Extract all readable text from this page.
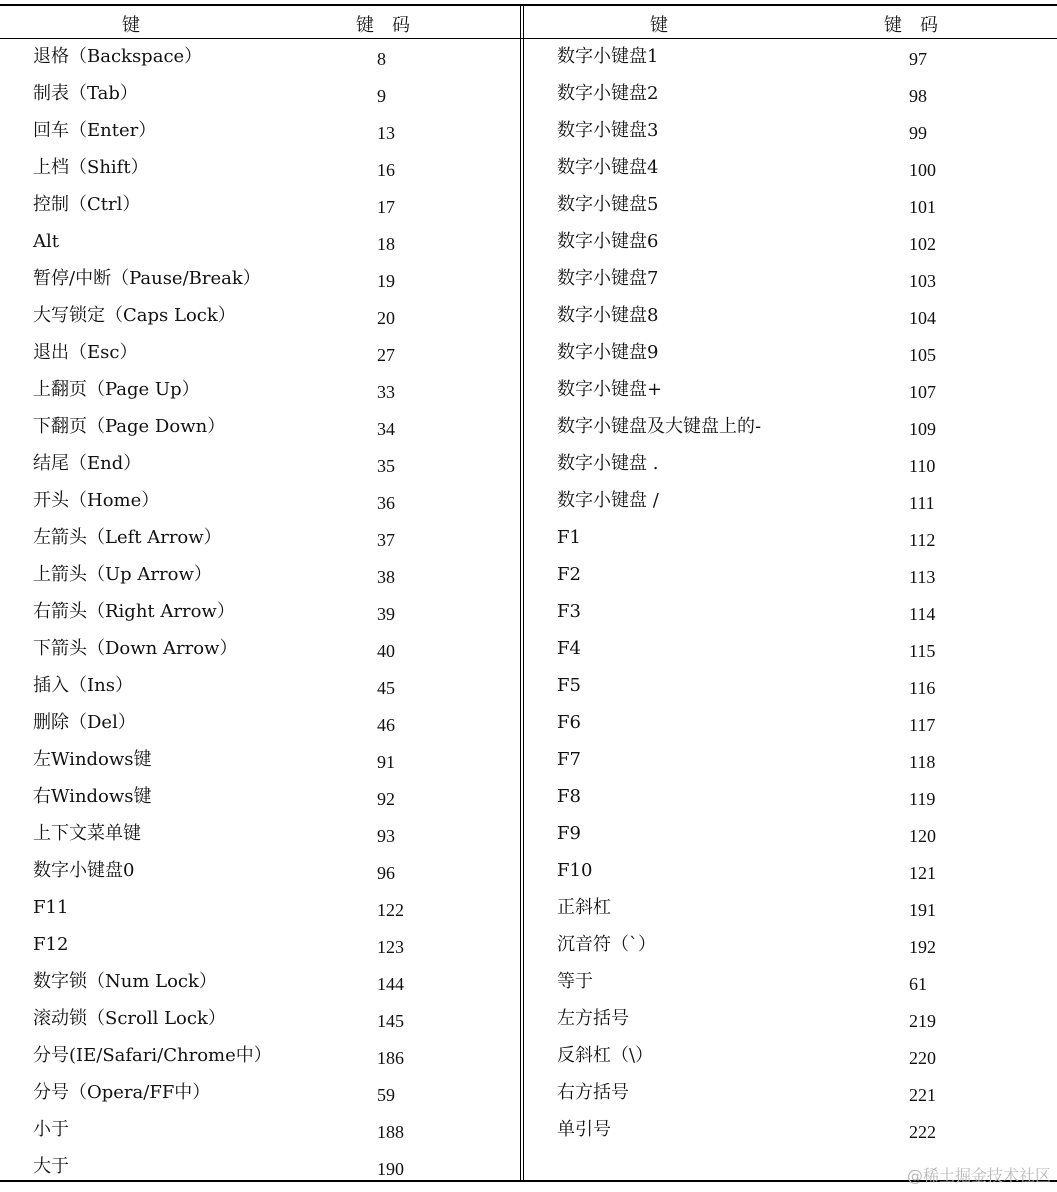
键	键　码	键	键　码
退格（Backspace）	8
制表（Tab）	9
回车（Enter）	13
上档（Shift）	16
控制（Ctrl）	17
Alt	18
暂停/中断（Pause/Break）	19
大写锁定（Caps Lock）	20
退出（Esc）	27
上翻页（Page Up）	33
下翻页（Page Down）	34
结尾（End）	35
开头（Home）	36
左箭头（Left Arrow）	37
上箭头（Up Arrow）	38
右箭头（Right Arrow）	39
下箭头（Down Arrow）	40
插入（Ins）	45
删除（Del）	46
左Windows键	91
右Windows键	92
上下文菜单键	93
数字小键盘0	96
F11	122
F12	123
数字锁（Num Lock）	144
滚动锁（Scroll Lock）	145
分号(IE/Safari/Chrome中）	186
分号（Opera/FF中）	59
小于	188
大于	190
数字小键盘1	97
数字小键盘2	98
数字小键盘3	99
数字小键盘4	100
数字小键盘5	101
数字小键盘6	102
数字小键盘7	103
数字小键盘8	104
数字小键盘9	105
数字小键盘+	107
数字小键盘及大键盘上的-	109
数字小键盘 .	110
数字小键盘 /	111
F1	112
F2	113
F3	114
F4	115
F5	116
F6	117
F7	118
F8	119
F9	120
F10	121
正斜杠	191
沉音符（`）	192
等于	61
左方括号	219
反斜杠（\）	220
右方括号	221
单引号	222
@稀土掘金技术社区
